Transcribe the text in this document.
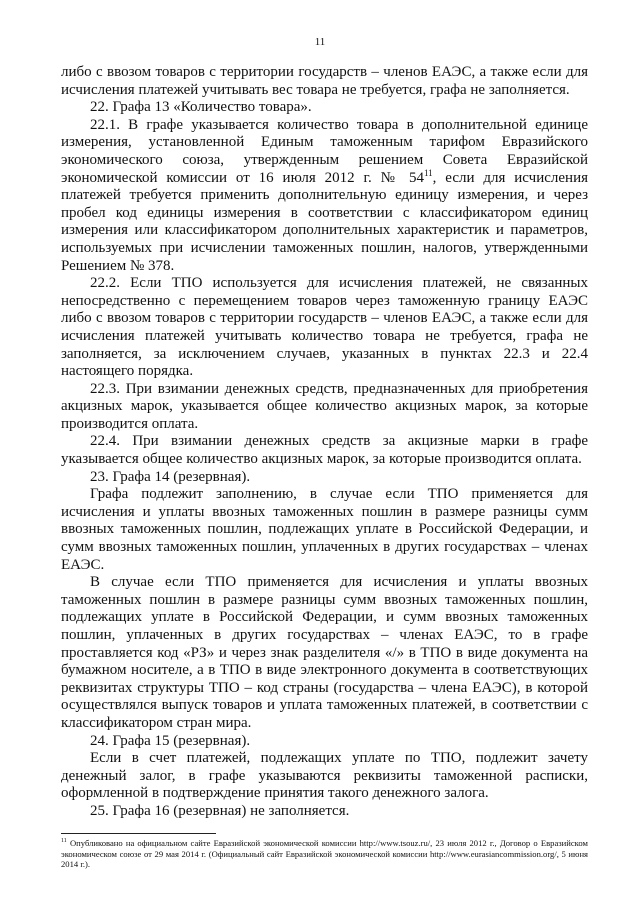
11

либо с ввозом товаров с территории государств – членов ЕАЭС, а также если для исчисления платежей учитывать вес товара не требуется, графа не заполняется.

22. Графа 13 «Количество товара».

22.1. В графе указывается количество товара в дополнительной единице измерения, установленной Единым таможенным тарифом Евразийского экономического союза, утвержденным решением Совета Евразийской экономической комиссии от 16 июля 2012 г. № $54^{11}$, если для исчисления платежей требуется применить дополнительную единицу измерения, и через пробел код единицы измерения в соответствии с классификатором единиц измерения или классификатором дополнительных характеристик и параметров, используемых при исчислении таможенных пошлин, налогов, утвержденными Решением № 378.

22.2. Если ТПО используется для исчисления платежей, не связанных непосредственно с перемещением товаров через таможенную границу ЕАЭС либо с ввозом товаров с территории государств – членов ЕАЭС, а также если для исчисления платежей учитывать количество товара не требуется, графа не заполняется, за исключением случаев, указанных в пунктах 22.3 и 22.4 настоящего порядка.

22.3. При взимании денежных средств, предназначенных для приобретения акцизных марок, указывается общее количество акцизных марок, за которые производится оплата.

22.4. При взимании денежных средств за акцизные марки в графе указывается общее количество акцизных марок, за которые производится оплата.

23. Графа 14 (резервная).

Графа подлежит заполнению, в случае если ТПО применяется для исчисления и уплаты ввозных таможенных пошлин в размере разницы сумм ввозных таможенных пошлин, подлежащих уплате в Российской Федерации, и сумм ввозных таможенных пошлин, уплаченных в других государствах – членах ЕАЭС.

В случае если ТПО применяется для исчисления и уплаты ввозных таможенных пошлин в размере разницы сумм ввозных таможенных пошлин, подлежащих уплате в Российской Федерации, и сумм ввозных таможенных пошлин, уплаченных в других государствах – членах ЕАЭС, то в графе проставляется код «РЗ» и через знак разделителя «/» в ТПО в виде документа на бумажном носителе, а в ТПО в виде электронного документа в соответствующих реквизитах структуры ТПО – код страны (государства – члена ЕАЭС), в которой осуществлялся выпуск товаров и уплата таможенных платежей, в соответствии с классификатором стран мира.

24. Графа 15 (резервная).

Если в счет платежей, подлежащих уплате по ТПО, подлежит зачету денежный залог, в графе указываются реквизиты таможенной расписки, оформленной в подтверждение принятия такого денежного залога.

25. Графа 16 (резервная) не заполняется.

$^{11}$ Опубликовано на официальном сайте Евразийской экономической комиссии http://www.tsouz.ru/, 23 июля 2012 г., Договор о Евразийском экономическом союзе от 29 мая 2014 г. (Официальный сайт Евразийской экономической комиссии http://www.eurasiancommission.org/, 5 июня 2014 г.).
